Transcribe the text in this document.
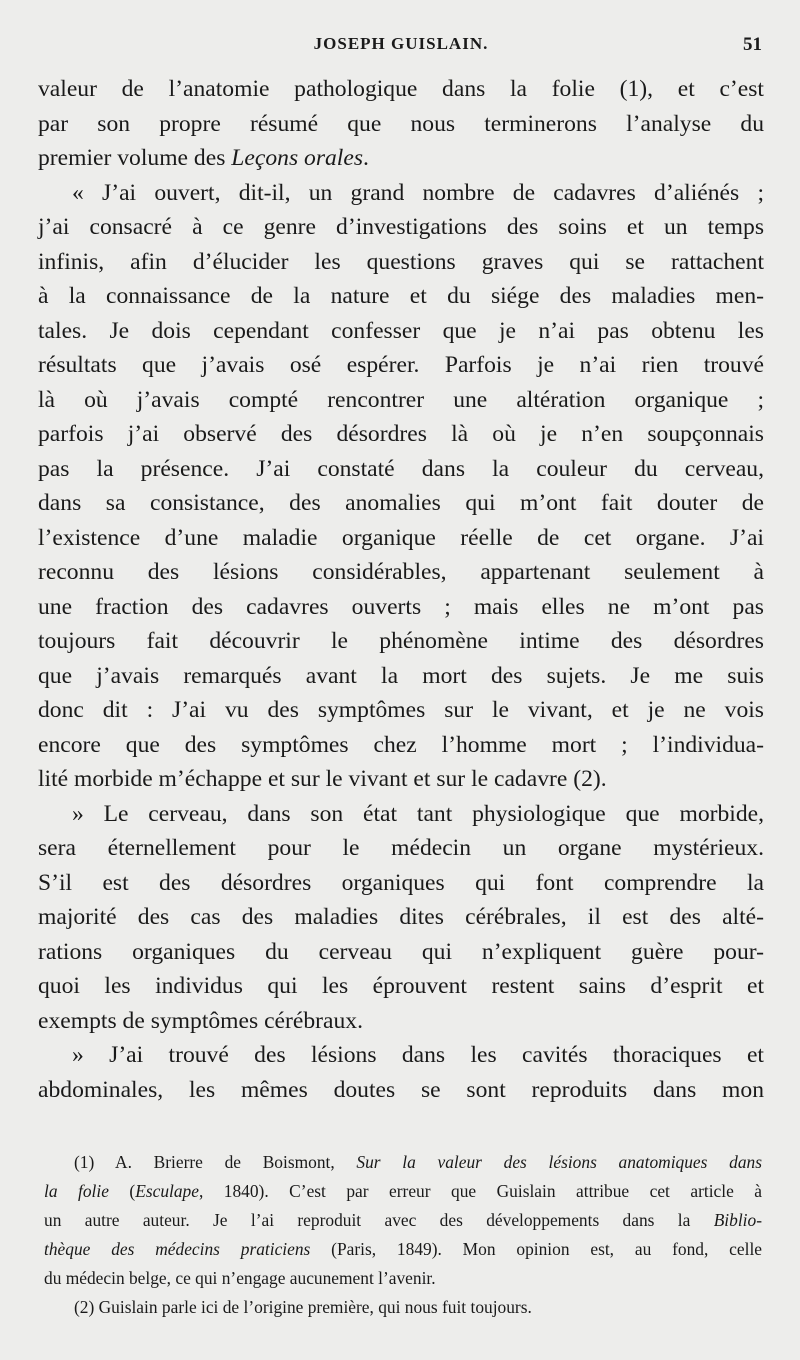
JOSEPH GUISLAIN.	51
valeur de l’anatomie pathologique dans la folie (1), et c’est
par son propre résumé que nous terminerons l’analyse du
premier volume des Leçons orales.
« J’ai ouvert, dit-il, un grand nombre de cadavres d’aliénés ;
j’ai consacré à ce genre d’investigations des soins et un temps
infinis, afin d’élucider les questions graves qui se rattachent
à la connaissance de la nature et du siége des maladies men-
tales. Je dois cependant confesser que je n’ai pas obtenu les
résultats que j’avais osé espérer. Parfois je n’ai rien trouvé
là où j’avais compté rencontrer une altération organique ;
parfois j’ai observé des désordres là où je n’en soupçonnais
pas la présence. J’ai constaté dans la couleur du cerveau,
dans sa consistance, des anomalies qui m’ont fait douter de
l’existence d’une maladie organique réelle de cet organe. J’ai
reconnu des lésions considérables, appartenant seulement à
une fraction des cadavres ouverts ; mais elles ne m’ont pas
toujours fait découvrir le phénomène intime des désordres
que j’avais remarqués avant la mort des sujets. Je me suis
donc dit : J’ai vu des symptômes sur le vivant, et je ne vois
encore que des symptômes chez l’homme mort ; l’individua-
lité morbide m’échappe et sur le vivant et sur le cadavre (2).
» Le cerveau, dans son état tant physiologique que morbide,
sera éternellement pour le médecin un organe mystérieux.
S’il est des désordres organiques qui font comprendre la
majorité des cas des maladies dites cérébrales, il est des alté-
rations organiques du cerveau qui n’expliquent guère pour-
quoi les individus qui les éprouvent restent sains d’esprit et
exempts de symptômes cérébraux.
» J’ai trouvé des lésions dans les cavités thoraciques et
abdominales, les mêmes doutes se sont reproduits dans mon
(1) A. Brierre de Boismont, Sur la valeur des lésions anatomiques dans
la folie (Esculape, 1840). C’est par erreur que Guislain attribue cet article à
un autre auteur. Je l’ai reproduit avec des développements dans la Biblio-
thèque des médecins praticiens (Paris, 1849). Mon opinion est, au fond, celle
du médecin belge, ce qui n’engage aucunement l’avenir.
(2) Guislain parle ici de l’origine première, qui nous fuit toujours.
